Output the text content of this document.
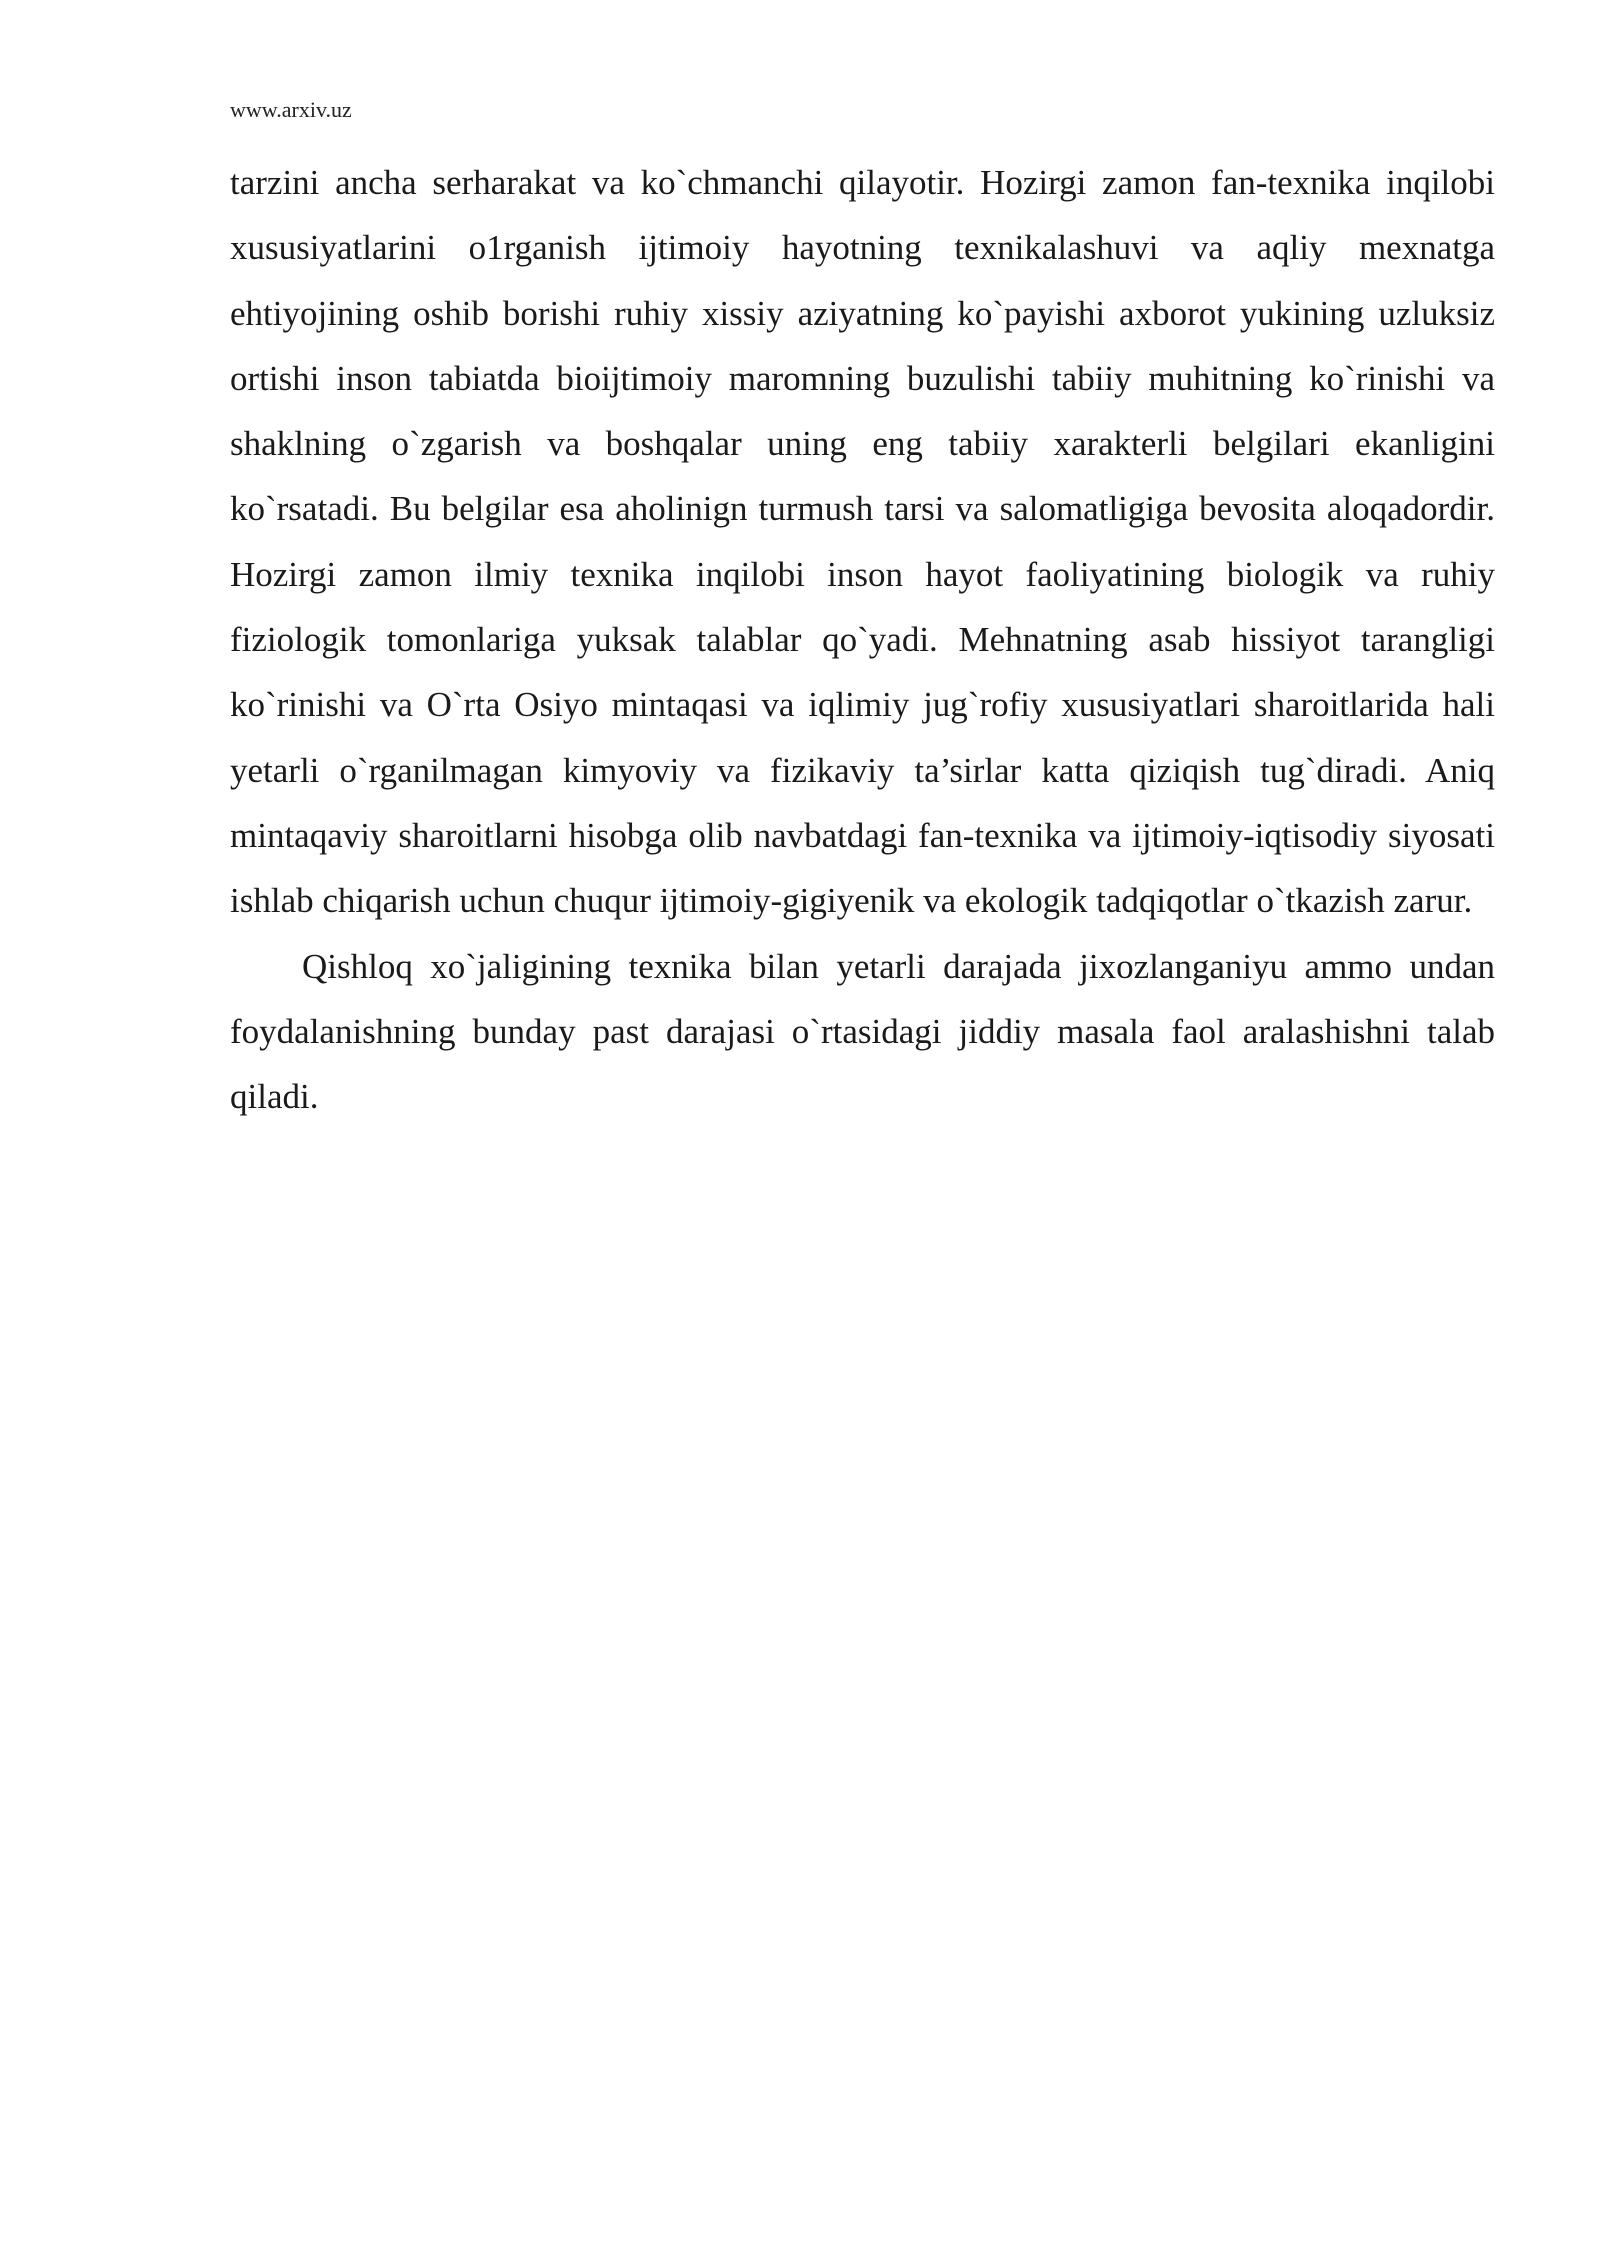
www.arxiv.uz

tarzini ancha serharakat va ko`chmanchi qilayotir. Hozirgi zamon fan-texnika inqilobi xususiyatlarini o1rganish ijtimoiy hayotning texnikalashuvi va aqliy mexnatga ehtiyojining oshib borishi ruhiy xissiy aziyatning ko`payishi axborot yukining uzluksiz ortishi inson tabiatda bioijtimoiy maromning buzulishi tabiiy muhitning ko`rinishi va shaklning o`zgarish va boshqalar uning eng tabiiy xarakterli belgilari ekanligini ko`rsatadi. Bu belgilar esa aholinign turmush tarsi va salomatligiga bevosita aloqadordir. Hozirgi zamon ilmiy texnika inqilobi inson hayot faoliyatining biologik va ruhiy fiziologik tomonlariga yuksak talablar qo`yadi. Mehnatning asab hissiyot tarangligi ko`rinishi va O`rta Osiyo mintaqasi va iqlimiy jug`rofiy xususiyatlari sharoitlarida hali yetarli o`rganilmagan kimyoviy va fizikaviy ta’sirlar katta qiziqish tug`diradi. Aniq mintaqaviy sharoitlarni hisobga olib navbatdagi fan-texnika va ijtimoiy-iqtisodiy siyosati ishlab chiqarish uchun chuqur ijtimoiy-gigiyenik va ekologik tadqiqotlar o`tkazish zarur.

Qishloq xo`jaligining texnika bilan yetarli darajada jixozlanganiyu ammo undan foydalanishning bunday past darajasi o`rtasidagi jiddiy masala faol aralashishni talab qiladi.
